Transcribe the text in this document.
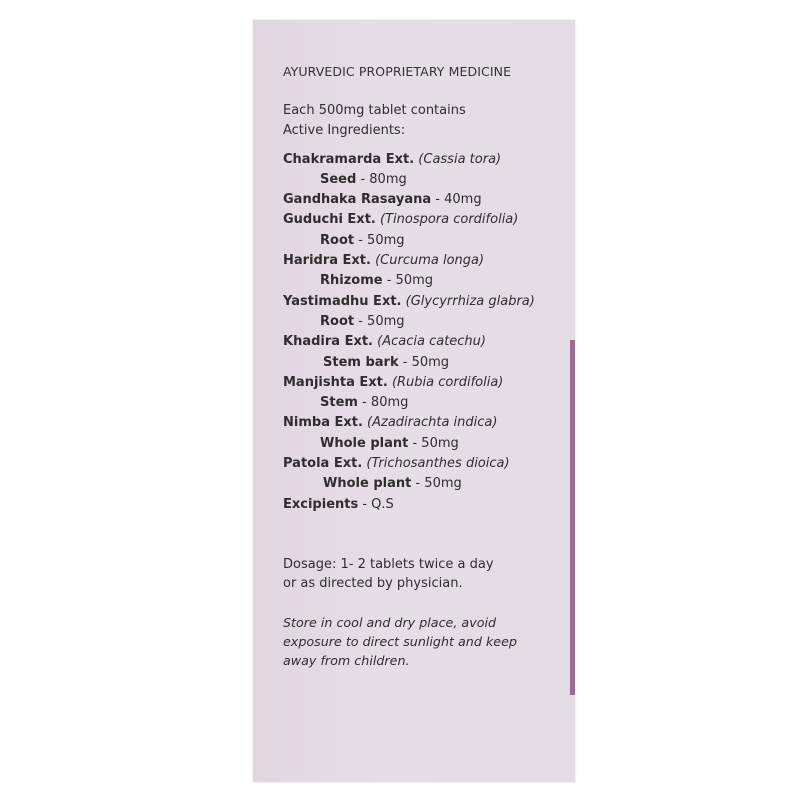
AYURVEDIC PROPRIETARY MEDICINE
Each 500mg tablet contains
Active Ingredients:
Chakramarda Ext. (Cassia tora)
Seed - 80mg
Gandhaka Rasayana - 40mg
Guduchi Ext. (Tinospora cordifolia)
Root - 50mg
Haridra Ext. (Curcuma longa)
Rhizome - 50mg
Yastimadhu Ext. (Glycyrrhiza glabra)
Root - 50mg
Khadira Ext. (Acacia catechu)
Stem bark - 50mg
Manjishta Ext. (Rubia cordifolia)
Stem - 80mg
Nimba Ext. (Azadirachta indica)
Whole plant - 50mg
Patola Ext. (Trichosanthes dioica)
Whole plant - 50mg
Excipients - Q.S
Dosage: 1- 2 tablets twice a day
or as directed by physician.
Store in cool and dry place, avoid
exposure to direct sunlight and keep
away from children.
